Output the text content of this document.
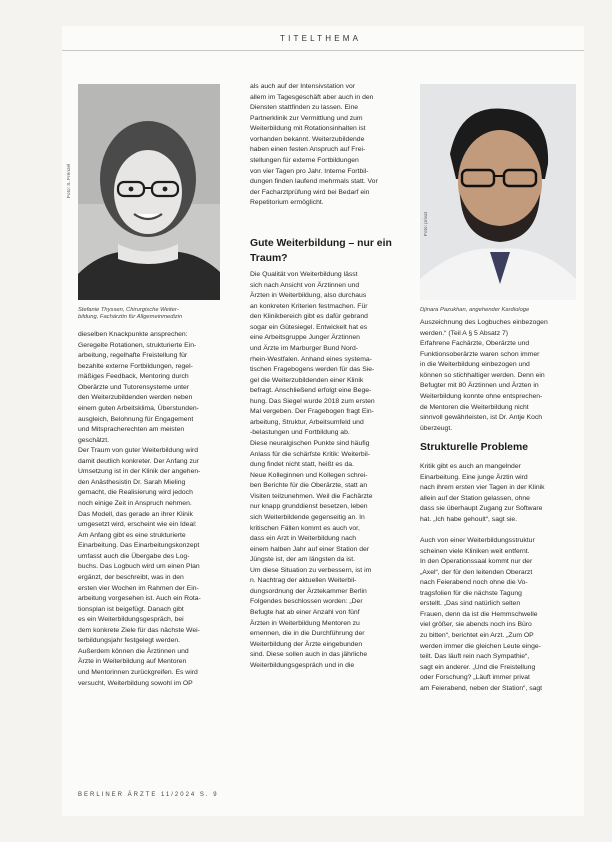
TITELTHEMA
Foto: S. Frenzel
Stefanie Thyssen, Chirurgische Weiter-
bildung, Fachärztin für Allgemeinmedizin
Foto: privat
Djinara Pazukhan, angehender Kardiologe

dieselben Knackpunkte ansprechen:

Geregelte Rotationen, strukturierte Ein-

arbeitung, regelhafte Freistellung für

bezahlte externe Fortbildungen, regel-

mäßiges Feedback, Mentoring durch

Oberärzte und Tutorensysteme unter

den Weiterzubildenden werden neben

einem guten Arbeitsklima, Überstunden-

ausgleich, Belohnung für Engagement

und Mitspracherechten am meisten

geschätzt.

Der Traum von guter Weiterbildung wird

damit deutlich konkreter. Der Anfang zur

Umsetzung ist in der Klinik der angehen-

den Anästhesistin Dr. Sarah Mieling

gemacht, die Realisierung wird jedoch

noch einige Zeit in Anspruch nehmen.

Das Modell, das gerade an ihrer Klinik

umgesetzt wird, erscheint wie ein Ideal:

Am Anfang gibt es eine strukturierte

Einarbeitung. Das Einarbeitungskonzept

umfasst auch die Übergabe des Log-

buchs. Das Logbuch wird um einen Plan

ergänzt, der beschreibt, was in den

ersten vier Wochen im Rahmen der Ein-

arbeitung vorgesehen ist. Auch ein Rota-

tionsplan ist beigefügt. Danach gibt

es ein Weiterbildungsgespräch, bei

dem konkrete Ziele für das nächste Wei-

terbildungsjahr festgelegt werden.

Außerdem können die Ärztinnen und

Ärzte in Weiterbildung auf Mentoren

und Mentorinnen zurückgreifen. Es wird

versucht, Weiterbildung sowohl im OP

als auch auf der Intensivstation vor

allem im Tagesgeschäft aber auch in den

Diensten stattfinden zu lassen. Eine

Partnerklinik zur Vermittlung und zum

Weiterbildung mit Rotationsinhalten ist

vorhanden bekannt. Weiterzubildende

haben einen festen Anspruch auf Frei-

stellungen für externe Fortbildungen

von vier Tagen pro Jahr. Interne Fortbil-

dungen finden laufend mehrmals statt. Vor

der Facharztprüfung wird bei Bedarf ein

Repetitorium ermöglicht.

Gute Weiterbildung – nur ein
Traum?

Die Qualität von Weiterbildung lässt

sich nach Ansicht von Ärztinnen und

Ärzten in Weiterbildung, also durchaus

an konkreten Kriterien festmachen. Für

den Klinikbereich gibt es dafür gebrand

sogar ein Gütesiegel. Entwickelt hat es

eine Arbeitsgruppe Junger Ärztinnen

und Ärzte im Marburger Bund Nord-

rhein-Westfalen. Anhand eines systema-

tischen Fragebogens werden für das Sie-

gel die Weiterzubildenden einer Klinik

befragt. Anschließend erfolgt eine Bege-

hung. Das Siegel wurde 2018 zum ersten

Mal vergeben. Der Fragebogen fragt Ein-

arbeitung, Struktur, Arbeitsumfeld und

-belastungen und Fortbildung ab.

Diese neuralgischen Punkte sind häufig

Anlass für die schärfste Kritik: Weiterbil-

dung findet nicht statt, heißt es da.

Neue Kolleginnen und Kollegen schrei-

ben Berichte für die Oberärzte, statt an

Visiten teilzunehmen. Weil die Fachärzte

nur knapp grunddienst besetzen, leben

sich Weiterbildende gegenseitig an. In

kritischen Fällen kommt es auch vor,

dass ein Arzt in Weiterbildung nach

einem halben Jahr auf einer Station der

Jüngste ist, der am längsten da ist.

Um diese Situation zu verbessern, ist im

n. Nachtrag der aktuellen Weiterbil-

dungsordnung der Ärztekammer Berlin

Folgendes beschlossen worden: „Der

Befugte hat ab einer Anzahl von fünf

Ärzten in Weiterbildung Mentoren zu

ernennen, die in die Durchführung der

Weiterbildung der Ärzte eingebunden

sind. Diese sollen auch in das jährliche

Weiterbildungsgespräch und in die

Auszeichnung des Logbuches einbezogen

werden.“ (Teil A § 5 Absatz 7)

Erfahrene Fachärzte, Oberärzte und

Funktionsoberärzte waren schon immer

in die Weiterbildung einbezogen und

können so stichhaltiger werden. Denn ein

Befugter mit 80 Ärztinnen und Ärzten in

Weiterbildung konnte ohne entsprechen-

de Mentoren die Weiterbildung nicht

sinnvoll gewährleisten, ist Dr. Antje Koch

überzeugt.

Strukturelle Probleme

Kritik gibt es auch an mangelnder

Einarbeitung. Eine junge Ärztin wird

nach ihrem ersten vier Tagen in der Klinik

allein auf der Station gelassen, ohne

dass sie überhaupt Zugang zur Software

hat. „Ich habe gehoult“, sagt sie.

Auch von einer Weiterbildungsstruktur

scheinen viele Kliniken weit entfernt.

In den Operationssaal kommt nur der

„Axel“, der für den leitenden Oberarzt

nach Feierabend noch ohne die Vo-

tragsfolien für die nächste Tagung

erstellt. „Das sind natürlich selten

Frauen, denn da ist die Hemmschwelle

viel größer, sie abends noch ins Büro

zu bitten“, berichtet ein Arzt. „Zum OP

werden immer die gleichen Leute einge-

teilt. Das läuft rein nach Sympathie“,

sagt ein anderer. „Und die Freistellung

oder Forschung? „Läuft immer privat

am Feierabend, neben der Station“, sagt

BERLINER ÄRZTE 11/2024 S. 9
